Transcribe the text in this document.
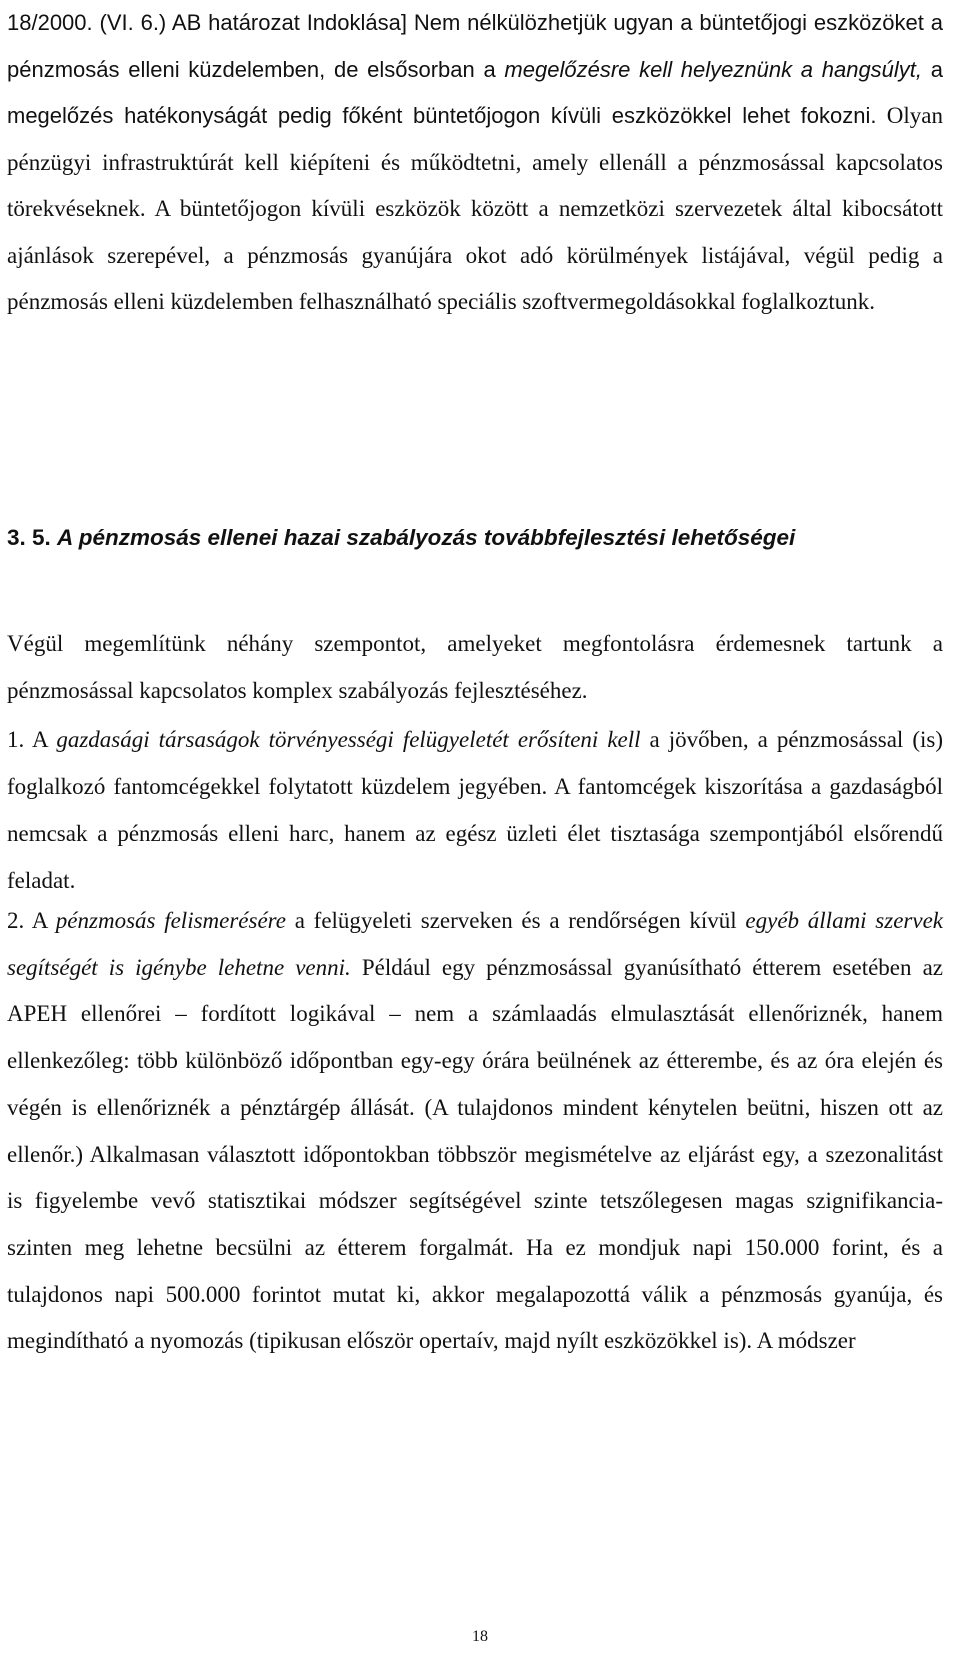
18/2000. (VI. 6.) AB határozat Indoklása] Nem nélkülözhetjük ugyan a büntetőjogi eszközöket a pénzmosás elleni küzdelemben, de elsősorban a megelőzésre kell helyeznünk a hangsúlyt, a megelőzés hatékonyságát pedig főként büntetőjogon kívüli eszközökkel lehet fokozni. Olyan pénzügyi infrastruktúrát kell kiépíteni és működtetni, amely ellenáll a pénzmosással kapcsolatos törekvéseknek. A büntetőjogon kívüli eszközök között a nemzetközi szervezetek által kibocsátott ajánlások szerepével, a pénzmosás gyanújára okot adó körülmények listájával, végül pedig a pénzmosás elleni küzdelemben felhasználható speciális szoftvermegoldásokkal foglalkoztunk.

3. 5. A pénzmosás ellenei hazai szabályozás továbbfejlesztési lehetőségei

Végül megemlítünk néhány szempontot, amelyeket megfontolásra érdemesnek tartunk a pénzmosással kapcsolatos komplex szabályozás fejlesztéséhez.

1. A gazdasági társaságok törvényességi felügyeletét erősíteni kell a jövőben, a pénzmosással (is) foglalkozó fantomcégekkel folytatott küzdelem jegyében. A fantomcégek kiszorítása a gazdaságból nemcsak a pénzmosás elleni harc, hanem az egész üzleti élet tisztasága szempontjából elsőrendű feladat.

2. A pénzmosás felismerésére a felügyeleti szerveken és a rendőrségen kívül egyéb állami szervek segítségét is igénybe lehetne venni. Például egy pénzmosással gyanúsítható étterem esetében az APEH ellenőrei – fordított logikával – nem a számlaadás elmulasztását ellenőriznék, hanem ellenkezőleg: több különböző időpontban egy-egy órára beülnének az étterembe, és az óra elején és végén is ellenőriznék a pénztárgép állását. (A tulajdonos mindent kénytelen beütni, hiszen ott az ellenőr.) Alkalmasan választott időpontokban többször megismételve az eljárást egy, a szezonalitást is figyelembe vevő statisztikai módszer segítségével szinte tetszőlegesen magas szignifikancia-szinten meg lehetne becsülni az étterem forgalmát. Ha ez mondjuk napi 150.000 forint, és a tulajdonos napi 500.000 forintot mutat ki, akkor megalapozottá válik a pénzmosás gyanúja, és megindítható a nyomozás (tipikusan először opertaív, majd nyílt eszközökkel is). A módszer

18
